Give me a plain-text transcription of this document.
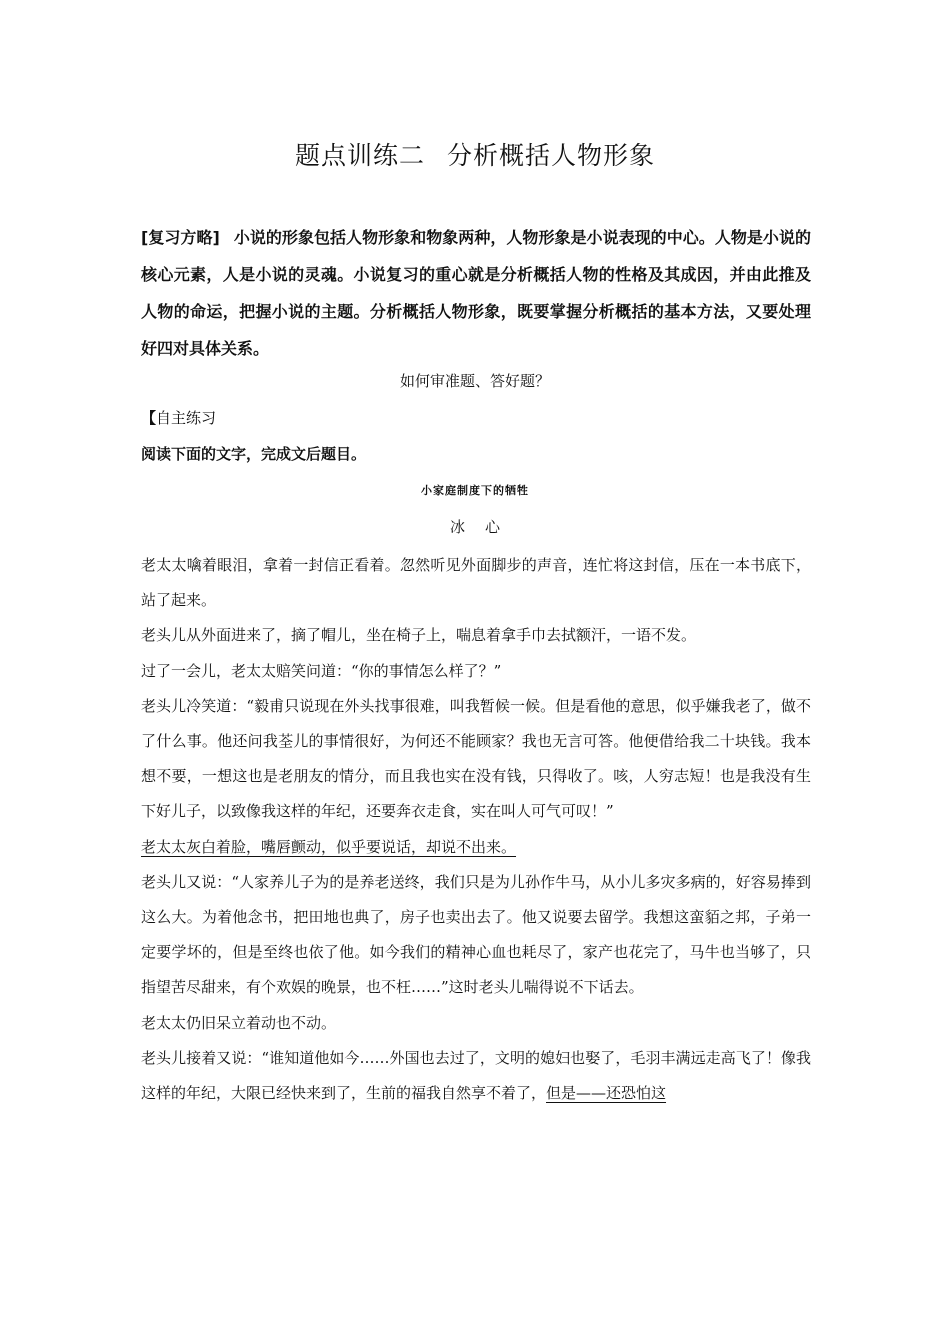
题点训练二 分析概括人物形象

[复习方略] 小说的形象包括人物形象和物象两种，人物形象是小说表现的中心。人物是小说的核心元素，人是小说的灵魂。小说复习的重心就是分析概括人物的性格及其成因，并由此推及人物的命运，把握小说的主题。分析概括人物形象，既要掌握分析概括的基本方法，又要处理好四对具体关系。

如何审准题、答好题？

【自主练习

阅读下面的文字，完成文后题目。

小家庭制度下的牺牲

冰心

老太太噙着眼泪，拿着一封信正看着。忽然听见外面脚步的声音，连忙将这封信，压在一本书底下，站了起来。

老头儿从外面进来了，摘了帽儿，坐在椅子上，喘息着拿手巾去拭额汗，一语不发。

过了一会儿，老太太赔笑问道：“你的事情怎么样了？”

老头儿冷笑道：“毅甫只说现在外头找事很难，叫我暂候一候。但是看他的意思，似乎嫌我老了，做不了什么事。他还问我荃儿的事情很好，为何还不能顾家？我也无言可答。他便借给我二十块钱。我本想不要，一想这也是老朋友的情分，而且我也实在没有钱，只得收了。咳，人穷志短！也是我没有生下好儿子，以致像我这样的年纪，还要奔衣走食，实在叫人可气可叹！”

老太太灰白着脸，嘴唇颤动，似乎要说话，却说不出来。

老头儿又说：“人家养儿子为的是养老送终，我们只是为儿孙作牛马，从小儿多灾多病的，好容易捧到这么大。为着他念书，把田地也典了，房子也卖出去了。他又说要去留学。我想这蛮貊之邦，子弟一定要学坏的，但是至终也依了他。如今我们的精神心血也耗尽了，家产也花完了，马牛也当够了，只指望苦尽甜来，有个欢娱的晚景，也不枉……”这时老头儿喘得说不下话去。

老太太仍旧呆立着动也不动。

老头儿接着又说：“谁知道他如今……外国也去过了，文明的媳妇也娶了，毛羽丰满远走高飞了！像我这样的年纪，大限已经快来到了，生前的福我自然享不着了，但是——还恐怕这
